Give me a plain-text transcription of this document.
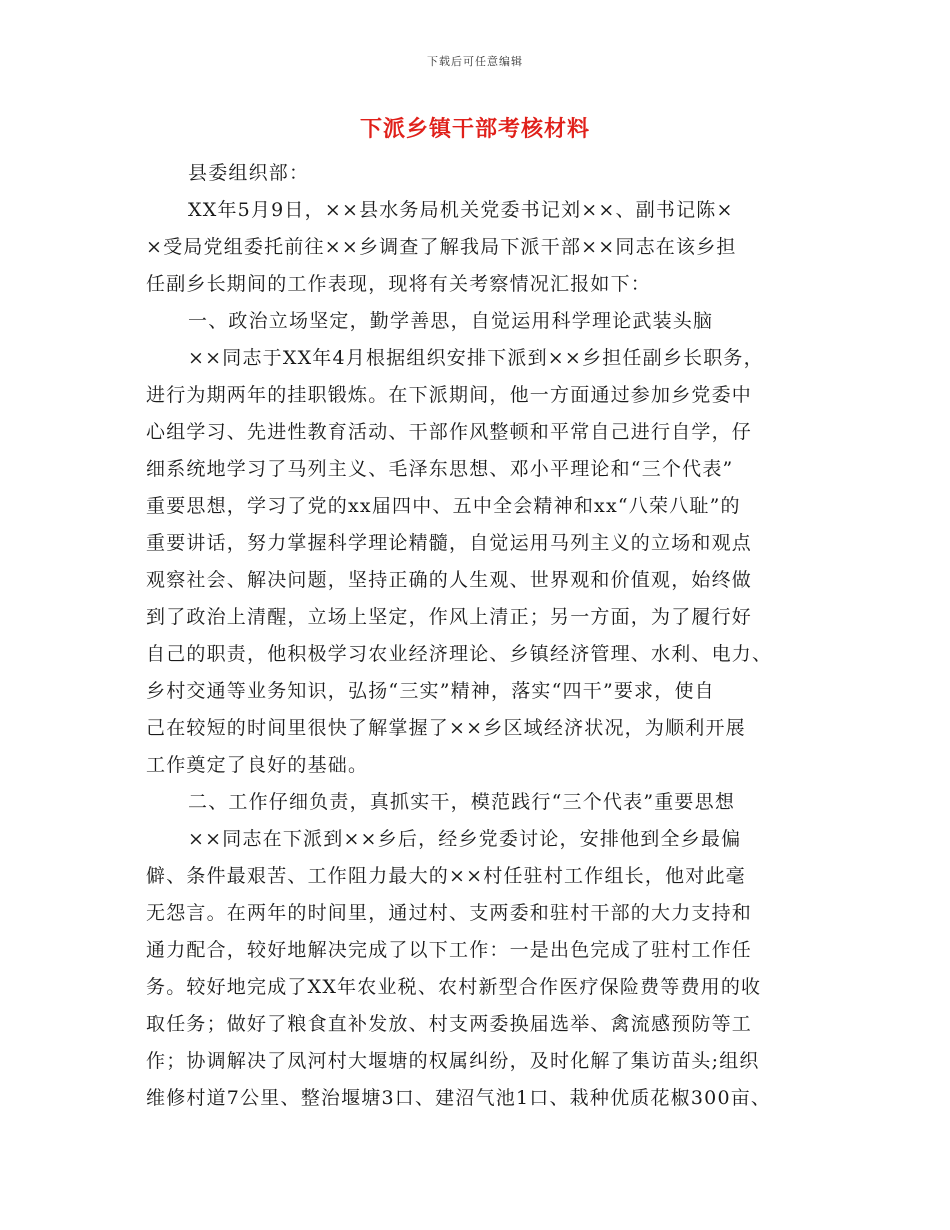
下载后可任意编辑
下派乡镇干部考核材料
县委组织部：
XX年5月9日，××县水务局机关党委书记刘××、副书记陈×
×受局党组委托前往××乡调查了解我局下派干部××同志在该乡担
任副乡长期间的工作表现，现将有关考察情况汇报如下：
一、政治立场坚定，勤学善思，自觉运用科学理论武装头脑
××同志于XX年4月根据组织安排下派到××乡担任副乡长职务，
进行为期两年的挂职锻炼。在下派期间，他一方面通过参加乡党委中
心组学习、先进性教育活动、干部作风整顿和平常自己进行自学，仔
细系统地学习了马列主义、毛泽东思想、邓小平理论和“三个代表”
重要思想，学习了党的xx届四中、五中全会精神和xx“八荣八耻”的
重要讲话，努力掌握科学理论精髓，自觉运用马列主义的立场和观点
观察社会、解决问题，坚持正确的人生观、世界观和价值观，始终做
到了政治上清醒，立场上坚定，作风上清正；另一方面，为了履行好
自己的职责，他积极学习农业经济理论、乡镇经济管理、水利、电力、
乡村交通等业务知识，弘扬“三实”精神，落实“四干”要求，使自
己在较短的时间里很快了解掌握了××乡区域经济状况，为顺利开展
工作奠定了良好的基础。
二、工作仔细负责，真抓实干，模范践行“三个代表”重要思想
××同志在下派到××乡后，经乡党委讨论，安排他到全乡最偏
僻、条件最艰苦、工作阻力最大的××村任驻村工作组长，他对此毫
无怨言。在两年的时间里，通过村、支两委和驻村干部的大力支持和
通力配合，较好地解决完成了以下工作：一是出色完成了驻村工作任
务。较好地完成了XX年农业税、农村新型合作医疗保险费等费用的收
取任务；做好了粮食直补发放、村支两委换届选举、禽流感预防等工
作；协调解决了凤河村大堰塘的权属纠纷，及时化解了集访苗头;组织
维修村道7公里、整治堰塘3口、建沼气池1口、栽种优质花椒300亩、
